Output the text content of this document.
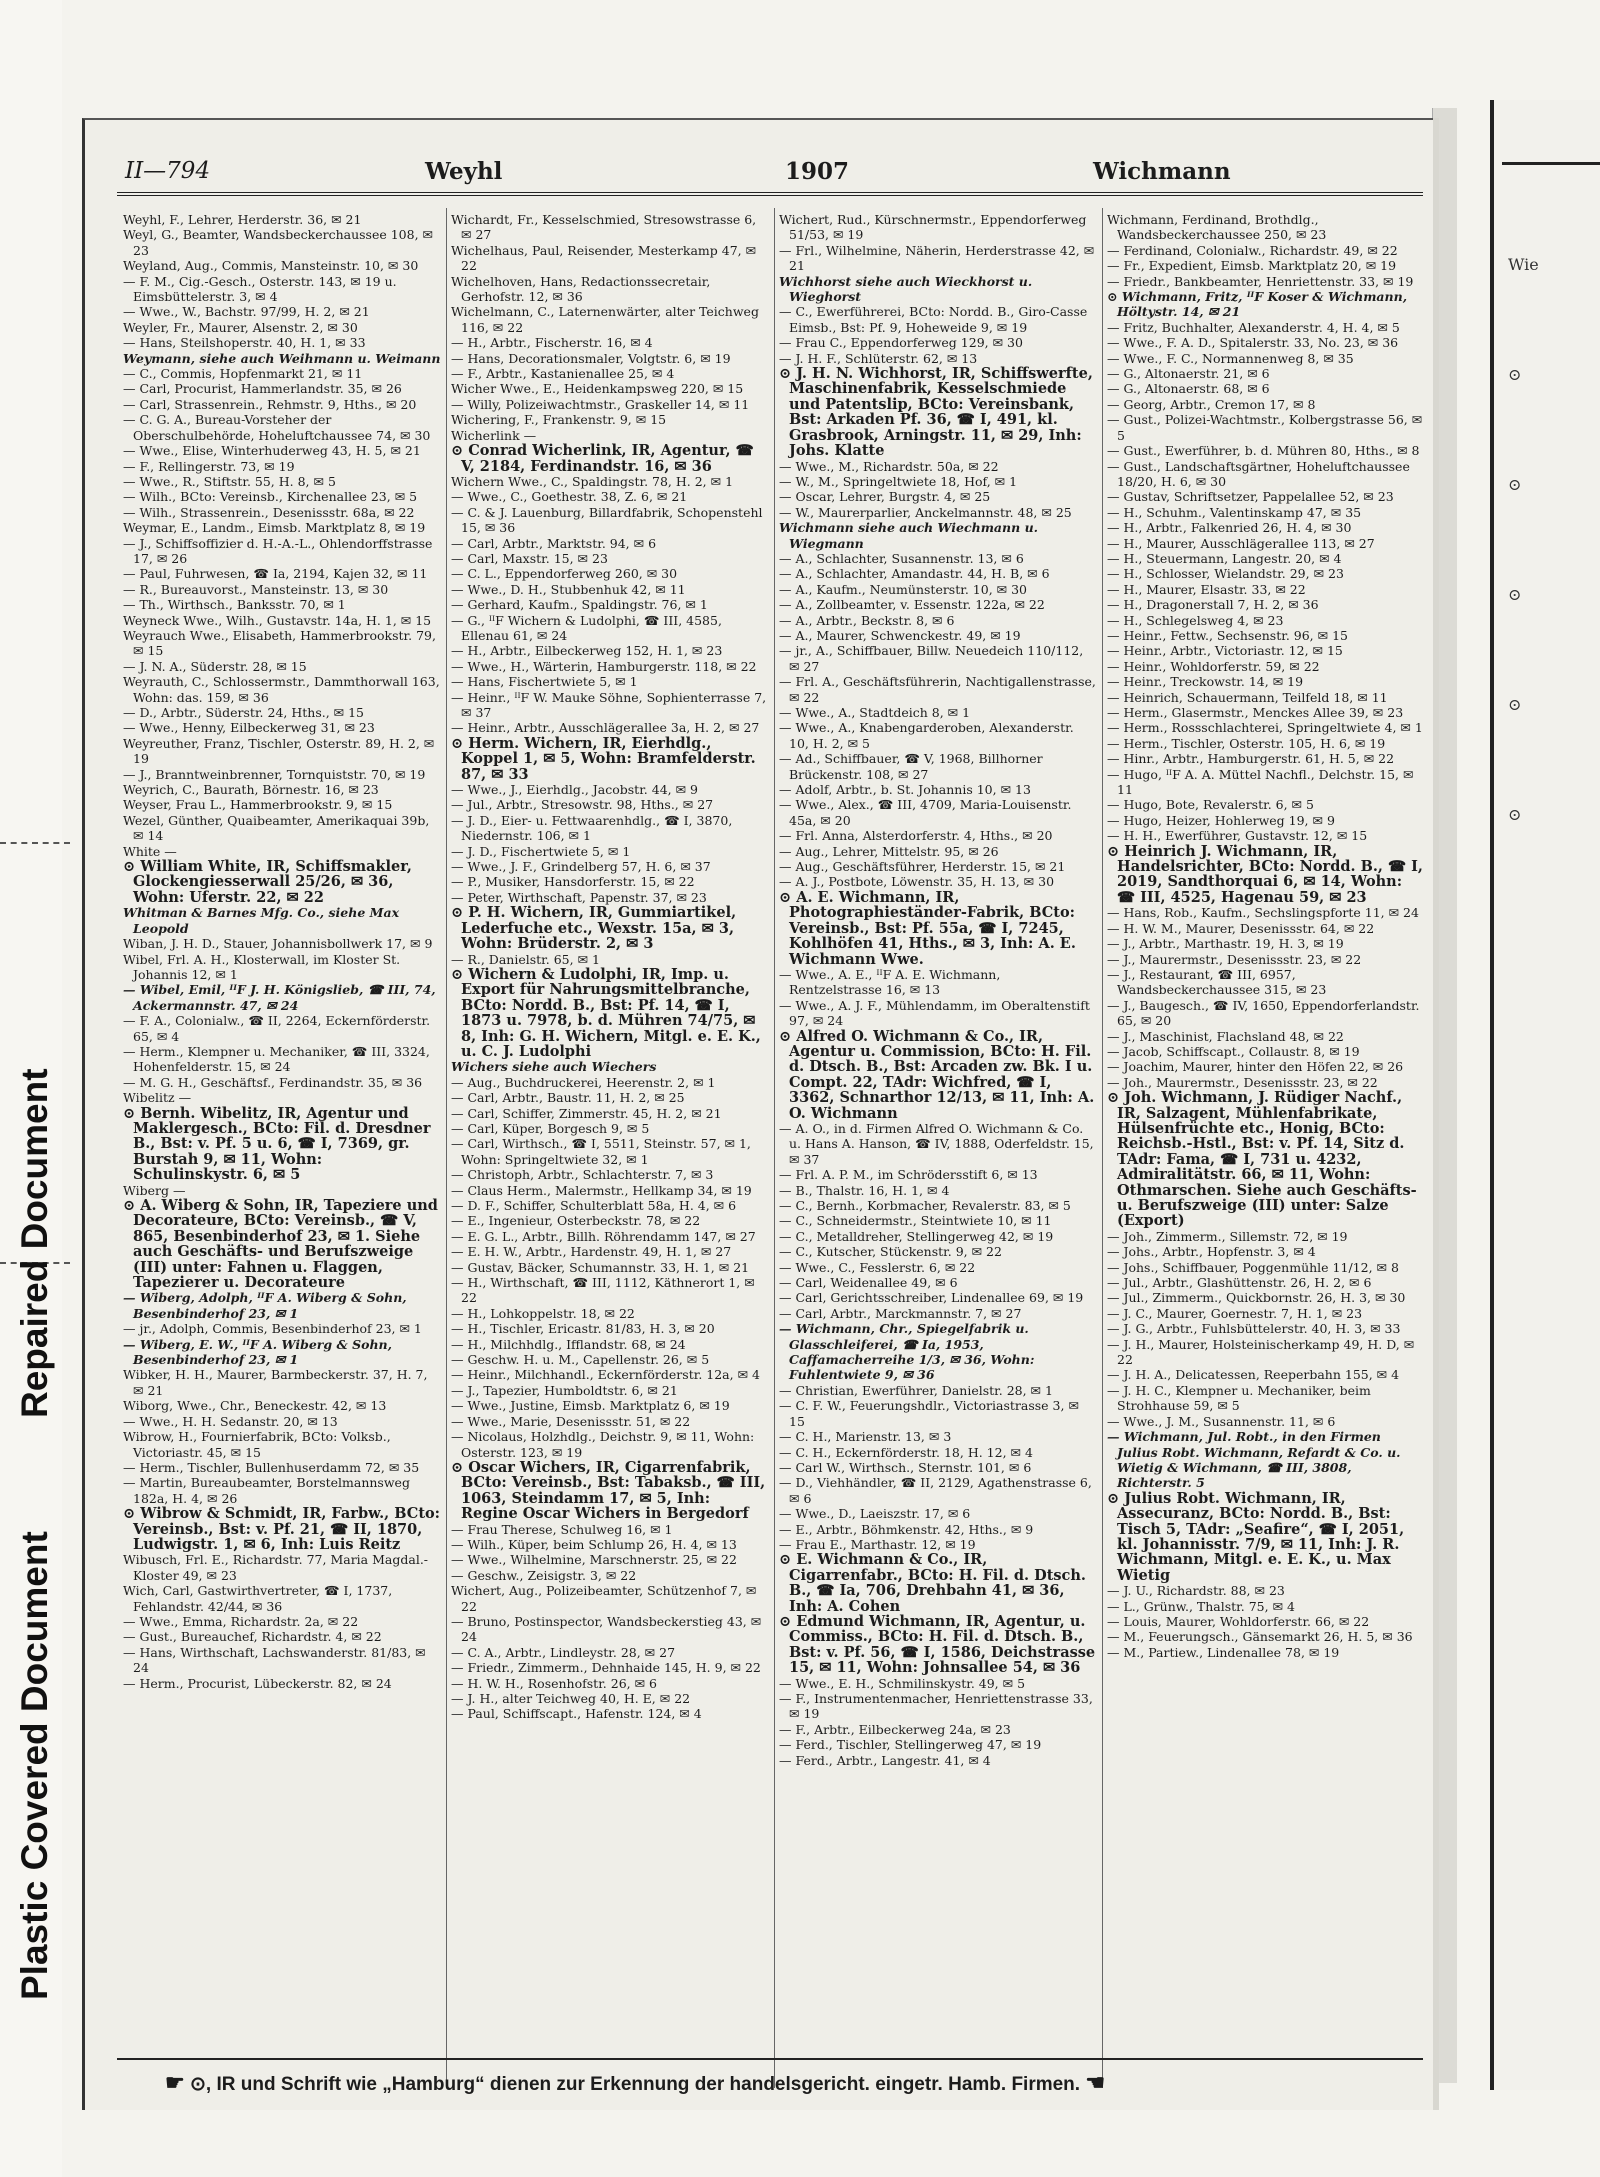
Repaired Document
Plastic Covered Document
Wie
⊙
⊙
⊙
⊙
⊙
II—794	Weyhl	1907	Wichmann

Weyhl, F., Lehrer, Herderstr. 36, ✉ 21

Weyl, G., Beamter, Wandsbeckerchaussee 108, ✉ 23

Weyland, Aug., Commis, Mansteinstr. 10, ✉ 30

— F. M., Cig.-Gesch., Osterstr. 143, ✉ 19 u. Eimsbüttelerstr. 3, ✉ 4

— Wwe., W., Bachstr. 97/99, H. 2, ✉ 21

Weyler, Fr., Maurer, Alsenstr. 2, ✉ 30

— Hans, Steilshoperstr. 40, H. 1, ✉ 33

Weymann, siehe auch Weihmann u. Weimann

— C., Commis, Hopfenmarkt 21, ✉ 11

— Carl, Procurist, Hammerlandstr. 35, ✉ 26

— Carl, Strassenrein., Rehmstr. 9, Hths., ✉ 20

— C. G. A., Bureau-Vorsteher der Oberschulbehörde, Hoheluftchaussee 74, ✉ 30

— Wwe., Elise, Winterhuderweg 43, H. 5, ✉ 21

— F., Rellingerstr. 73, ✉ 19

— Wwe., R., Stiftstr. 55, H. 8, ✉ 5

— Wilh., BCto: Vereinsb., Kirchenallee 23, ✉ 5

— Wilh., Strassenrein., Desenissstr. 68a, ✉ 22

Weymar, E., Landm., Eimsb. Marktplatz 8, ✉ 19

— J., Schiffsoffizier d. H.-A.-L., Ohlendorffstrasse 17, ✉ 26

— Paul, Fuhrwesen, ☎ Ia, 2194, Kajen 32, ✉ 11

— R., Bureauvorst., Mansteinstr. 13, ✉ 30

— Th., Wirthsch., Banksstr. 70, ✉ 1

Weyneck Wwe., Wilh., Gustavstr. 14a, H. 1, ✉ 15

Weyrauch Wwe., Elisabeth, Hammerbrookstr. 79, ✉ 15

— J. N. A., Süderstr. 28, ✉ 15

Weyrauth, C., Schlossermstr., Dammthorwall 163, Wohn: das. 159, ✉ 36

— D., Arbtr., Süderstr. 24, Hths., ✉ 15

— Wwe., Henny, Eilbeckerweg 31, ✉ 23

Weyreuther, Franz, Tischler, Osterstr. 89, H. 2, ✉ 19

— J., Branntweinbrenner, Tornquiststr. 70, ✉ 19

Weyrich, C., Baurath, Börnestr. 16, ✉ 23

Weyser, Frau L., Hammerbrookstr. 9, ✉ 15

Wezel, Günther, Quaibeamter, Amerikaquai 39b, ✉ 14

White —

⊙ William White, IR, Schiffsmakler, Glockengiesserwall 25/26, ✉ 36, Wohn: Uferstr. 22, ✉ 22

Whitman & Barnes Mfg. Co., siehe Max Leopold

Wiban, J. H. D., Stauer, Johannisbollwerk 17, ✉ 9

Wibel, Frl. A. H., Klosterwall, im Kloster St. Johannis 12, ✉ 1

— Wibel, Emil, ᴵᴵF J. H. Königslieb, ☎ III, 74, Ackermannstr. 47, ✉ 24

— F. A., Colonialw., ☎ II, 2264, Eckernförderstr. 65, ✉ 4

— Herm., Klempner u. Mechaniker, ☎ III, 3324, Hohenfelderstr. 15, ✉ 24

— M. G. H., Geschäftsf., Ferdinandstr. 35, ✉ 36

Wibelitz —

⊙ Bernh. Wibelitz, IR, Agentur und Maklergesch., BCto: Fil. d. Dresdner B., Bst: v. Pf. 5 u. 6, ☎ I, 7369, gr. Burstah 9, ✉ 11, Wohn: Schulinskystr. 6, ✉ 5

Wiberg —

⊙ A. Wiberg & Sohn, IR, Tapeziere und Decorateure, BCto: Vereinsb., ☎ V, 865, Besenbinderhof 23, ✉ 1. Siehe auch Geschäfts- und Berufszweige (III) unter: Fahnen u. Flaggen, Tapezierer u. Decorateure

— Wiberg, Adolph, ᴵᴵF A. Wiberg & Sohn, Besenbinderhof 23, ✉ 1

— jr., Adolph, Commis, Besenbinderhof 23, ✉ 1

— Wiberg, E. W., ᴵᴵF A. Wiberg & Sohn, Besenbinderhof 23, ✉ 1

Wibker, H. H., Maurer, Barmbeckerstr. 37, H. 7, ✉ 21

Wiborg, Wwe., Chr., Beneckestr. 42, ✉ 13

— Wwe., H. H. Sedanstr. 20, ✉ 13

Wibrow, H., Fournierfabrik, BCto: Volksb., Victoriastr. 45, ✉ 15

— Herm., Tischler, Bullenhuserdamm 72, ✉ 35

— Martin, Bureaubeamter, Borstelmannsweg 182a, H. 4, ✉ 26

⊙ Wibrow & Schmidt, IR, Farbw., BCto: Vereinsb., Bst: v. Pf. 21, ☎ II, 1870, Ludwigstr. 1, ✉ 6, Inh: Luis Reitz

Wibusch, Frl. E., Richardstr. 77, Maria Magdal.-Kloster 49, ✉ 23

Wich, Carl, Gastwirthvertreter, ☎ I, 1737, Fehlandstr. 42/44, ✉ 36

— Wwe., Emma, Richardstr. 2a, ✉ 22

— Gust., Bureauchef, Richardstr. 4, ✉ 22

— Hans, Wirthschaft, Lachswanderstr. 81/83, ✉ 24

— Herm., Procurist, Lübeckerstr. 82, ✉ 24

Wichardt, Fr., Kesselschmied, Stresowstrasse 6, ✉ 27

Wichelhaus, Paul, Reisender, Mesterkamp 47, ✉ 22

Wichelhoven, Hans, Redactionssecretair, Gerhofstr. 12, ✉ 36

Wichelmann, C., Laternenwärter, alter Teichweg 116, ✉ 22

— H., Arbtr., Fischerstr. 16, ✉ 4

— Hans, Decorationsmaler, Volgtstr. 6, ✉ 19

— F., Arbtr., Kastanienallee 25, ✉ 4

Wicher Wwe., E., Heidenkampsweg 220, ✉ 15

— Willy, Polizeiwachtmstr., Graskeller 14, ✉ 11

Wichering, F., Frankenstr. 9, ✉ 15

Wicherlink —

⊙ Conrad Wicherlink, IR, Agentur, ☎ V, 2184, Ferdinandstr. 16, ✉ 36

Wichern Wwe., C., Spaldingstr. 78, H. 2, ✉ 1

— Wwe., C., Goethestr. 38, Z. 6, ✉ 21

— C. & J. Lauenburg, Billardfabrik, Schopenstehl 15, ✉ 36

— Carl, Arbtr., Marktstr. 94, ✉ 6

— Carl, Maxstr. 15, ✉ 23

— C. L., Eppendorferweg 260, ✉ 30

— Wwe., D. H., Stubbenhuk 42, ✉ 11

— Gerhard, Kaufm., Spaldingstr. 76, ✉ 1

— G., ᴵᴵF Wichern & Ludolphi, ☎ III, 4585, Ellenau 61, ✉ 24

— H., Arbtr., Eilbeckerweg 152, H. 1, ✉ 23

— Wwe., H., Wärterin, Hamburgerstr. 118, ✉ 22

— Hans, Fischertwiete 5, ✉ 1

— Heinr., ᴵᴵF W. Mauke Söhne, Sophienterrasse 7, ✉ 37

— Heinr., Arbtr., Ausschlägerallee 3a, H. 2, ✉ 27

⊙ Herm. Wichern, IR, Eierhdlg., Koppel 1, ✉ 5, Wohn: Bramfelderstr. 87, ✉ 33

— Wwe., J., Eierhdlg., Jacobstr. 44, ✉ 9

— Jul., Arbtr., Stresowstr. 98, Hths., ✉ 27

— J. D., Eier- u. Fettwaarenhdlg., ☎ I, 3870, Niedernstr. 106, ✉ 1

— J. D., Fischertwiete 5, ✉ 1

— Wwe., J. F., Grindelberg 57, H. 6, ✉ 37

— P., Musiker, Hansdorferstr. 15, ✉ 22

— Peter, Wirthschaft, Papenstr. 37, ✉ 23

⊙ P. H. Wichern, IR, Gummiartikel, Lederfuche etc., Wexstr. 15a, ✉ 3, Wohn: Brüderstr. 2, ✉ 3

— R., Danielstr. 65, ✉ 1

⊙ Wichern & Ludolphi, IR, Imp. u. Export für Nahrungsmittelbranche, BCto: Nordd. B., Bst: Pf. 14, ☎ I, 1873 u. 7978, b. d. Mühren 74/75, ✉ 8, Inh: G. H. Wichern, Mitgl. e. E. K., u. C. J. Ludolphi

Wichers siehe auch Wiechers

— Aug., Buchdruckerei, Heerenstr. 2, ✉ 1

— Carl, Arbtr., Baustr. 11, H. 2, ✉ 25

— Carl, Schiffer, Zimmerstr. 45, H. 2, ✉ 21

— Carl, Küper, Borgesch 9, ✉ 5

— Carl, Wirthsch., ☎ I, 5511, Steinstr. 57, ✉ 1, Wohn: Springeltwiete 32, ✉ 1

— Christoph, Arbtr., Schlachterstr. 7, ✉ 3

— Claus Herm., Malermstr., Hellkamp 34, ✉ 19

— D. F., Schiffer, Schulterblatt 58a, H. 4, ✉ 6

— E., Ingenieur, Osterbeckstr. 78, ✉ 22

— E. G. L., Arbtr., Billh. Röhrendamm 147, ✉ 27

— E. H. W., Arbtr., Hardenstr. 49, H. 1, ✉ 27

— Gustav, Bäcker, Schumannstr. 33, H. 1, ✉ 21

— H., Wirthschaft, ☎ III, 1112, Käthnerort 1, ✉ 22

— H., Lohkoppelstr. 18, ✉ 22

— H., Tischler, Ericastr. 81/83, H. 3, ✉ 20

— H., Milchhdlg., Ifflandstr. 68, ✉ 24

— Geschw. H. u. M., Capellenstr. 26, ✉ 5

— Heinr., Milchhandl., Eckernförderstr. 12a, ✉ 4

— J., Tapezier, Humboldtstr. 6, ✉ 21

— Wwe., Justine, Eimsb. Marktplatz 6, ✉ 19

— Wwe., Marie, Desenissstr. 51, ✉ 22

— Nicolaus, Holzhdlg., Deichstr. 9, ✉ 11, Wohn: Osterstr. 123, ✉ 19

⊙ Oscar Wichers, IR, Cigarrenfabrik, BCto: Vereinsb., Bst: Tabaksb., ☎ III, 1063, Steindamm 17, ✉ 5, Inh: Regine Oscar Wichers in Bergedorf

— Frau Therese, Schulweg 16, ✉ 1

— Wilh., Küper, beim Schlump 26, H. 4, ✉ 13

— Wwe., Wilhelmine, Marschnerstr. 25, ✉ 22

— Geschw., Zeisigstr. 3, ✉ 22

Wichert, Aug., Polizeibeamter, Schützenhof 7, ✉ 22

— Bruno, Postinspector, Wandsbeckerstieg 43, ✉ 24

— C. A., Arbtr., Lindleystr. 28, ✉ 27

— Friedr., Zimmerm., Dehnhaide 145, H. 9, ✉ 22

— H. W. H., Rosenhofstr. 26, ✉ 6

— J. H., alter Teichweg 40, H. E, ✉ 22

— Paul, Schiffscapt., Hafenstr. 124, ✉ 4

Wichert, Rud., Kürschnermstr., Eppendorferweg 51/53, ✉ 19

— Frl., Wilhelmine, Näherin, Herderstrasse 42, ✉ 21

Wichhorst siehe auch Wieckhorst u. Wieghorst

— C., Ewerführerei, BCto: Nordd. B., Giro-Casse Eimsb., Bst: Pf. 9, Hoheweide 9, ✉ 19

— Frau C., Eppendorferweg 129, ✉ 30

— J. H. F., Schlüterstr. 62, ✉ 13

⊙ J. H. N. Wichhorst, IR, Schiffswerfte, Maschinenfabrik, Kesselschmiede und Patentslip, BCto: Vereinsbank, Bst: Arkaden Pf. 36, ☎ I, 491, kl. Grasbrook, Arningstr. 11, ✉ 29, Inh: Johs. Klatte

— Wwe., M., Richardstr. 50a, ✉ 22

— W., M., Springeltwiete 18, Hof, ✉ 1

— Oscar, Lehrer, Burgstr. 4, ✉ 25

— W., Maurerparlier, Anckelmannstr. 48, ✉ 25

Wichmann siehe auch Wiechmann u. Wiegmann

— A., Schlachter, Susannenstr. 13, ✉ 6

— A., Schlachter, Amandastr. 44, H. B, ✉ 6

— A., Kaufm., Neumünsterstr. 10, ✉ 30

— A., Zollbeamter, v. Essenstr. 122a, ✉ 22

— A., Arbtr., Beckstr. 8, ✉ 6

— A., Maurer, Schwenckestr. 49, ✉ 19

— jr., A., Schiffbauer, Billw. Neuedeich 110/112, ✉ 27

— Frl. A., Geschäftsführerin, Nachtigallenstrasse, ✉ 22

— Wwe., A., Stadtdeich 8, ✉ 1

— Wwe., A., Knabengarderoben, Alexanderstr. 10, H. 2, ✉ 5

— Ad., Schiffbauer, ☎ V, 1968, Billhorner Brückenstr. 108, ✉ 27

— Adolf, Arbtr., b. St. Johannis 10, ✉ 13

— Wwe., Alex., ☎ III, 4709, Maria-Louisenstr. 45a, ✉ 20

— Frl. Anna, Alsterdorferstr. 4, Hths., ✉ 20

— Aug., Lehrer, Mittelstr. 95, ✉ 26

— Aug., Geschäftsführer, Herderstr. 15, ✉ 21

— A. J., Postbote, Löwenstr. 35, H. 13, ✉ 30

⊙ A. E. Wichmann, IR, Photographieständer-Fabrik, BCto: Vereinsb., Bst: Pf. 55a, ☎ I, 7245, Kohlhöfen 41, Hths., ✉ 3, Inh: A. E. Wichmann Wwe.

— Wwe., A. E., ᴵᴵF A. E. Wichmann, Rentzelstrasse 16, ✉ 13

— Wwe., A. J. F., Mühlendamm, im Oberaltenstift 97, ✉ 24

⊙ Alfred O. Wichmann & Co., IR, Agentur u. Commission, BCto: H. Fil. d. Dtsch. B., Bst: Arcaden zw. Bk. I u. Compt. 22, TAdr: Wichfred, ☎ I, 3362, Schnarthor 12/13, ✉ 11, Inh: A. O. Wichmann

— A. O., in d. Firmen Alfred O. Wichmann & Co. u. Hans A. Hanson, ☎ IV, 1888, Oderfeldstr. 15, ✉ 37

— Frl. A. P. M., im Schrödersstift 6, ✉ 13

— B., Thalstr. 16, H. 1, ✉ 4

— C., Bernh., Korbmacher, Revalerstr. 83, ✉ 5

— C., Schneidermstr., Steintwiete 10, ✉ 11

— C., Metalldreher, Stellingerweg 42, ✉ 19

— C., Kutscher, Stückenstr. 9, ✉ 22

— Wwe., C., Fesslerstr. 6, ✉ 22

— Carl, Weidenallee 49, ✉ 6

— Carl, Gerichtsschreiber, Lindenallee 69, ✉ 19

— Carl, Arbtr., Marckmannstr. 7, ✉ 27

— Wichmann, Chr., Spiegelfabrik u. Glasschleiferei, ☎ Ia, 1953, Caffamacherreihe 1/3, ✉ 36, Wohn: Fuhlentwiete 9, ✉ 36

— Christian, Ewerführer, Danielstr. 28, ✉ 1

— C. F. W., Feuerungshdlr., Victoriastrasse 3, ✉ 15

— C. H., Marienstr. 13, ✉ 3

— C. H., Eckernförderstr. 18, H. 12, ✉ 4

— Carl W., Wirthsch., Sternstr. 101, ✉ 6

— D., Viehhändler, ☎ II, 2129, Agathenstrasse 6, ✉ 6

— Wwe., D., Laeiszstr. 17, ✉ 6

— E., Arbtr., Böhmkenstr. 42, Hths., ✉ 9

— Frau E., Marthastr. 12, ✉ 19

⊙ E. Wichmann & Co., IR, Cigarrenfabr., BCto: H. Fil. d. Dtsch. B., ☎ Ia, 706, Drehbahn 41, ✉ 36, Inh: A. Cohen

⊙ Edmund Wichmann, IR, Agentur, u. Commiss., BCto: H. Fil. d. Dtsch. B., Bst: v. Pf. 56, ☎ I, 1586, Deichstrasse 15, ✉ 11, Wohn: Johnsallee 54, ✉ 36

— Wwe., E. H., Schmilinskystr. 49, ✉ 5

— F., Instrumentenmacher, Henriettenstrasse 33, ✉ 19

— F., Arbtr., Eilbeckerweg 24a, ✉ 23

— Ferd., Tischler, Stellingerweg 47, ✉ 19

— Ferd., Arbtr., Langestr. 41, ✉ 4

Wichmann, Ferdinand, Brothdlg., Wandsbeckerchaussee 250, ✉ 23

— Ferdinand, Colonialw., Richardstr. 49, ✉ 22

— Fr., Expedient, Eimsb. Marktplatz 20, ✉ 19

— Friedr., Bankbeamter, Henriettenstr. 33, ✉ 19

⊙ Wichmann, Fritz, ᴵᴵF Koser & Wichmann, Höltystr. 14, ✉ 21

— Fritz, Buchhalter, Alexanderstr. 4, H. 4, ✉ 5

— Wwe., F. A. D., Spitalerstr. 33, No. 23, ✉ 36

— Wwe., F. C., Normannenweg 8, ✉ 35

— G., Altonaerstr. 21, ✉ 6

— G., Altonaerstr. 68, ✉ 6

— Georg, Arbtr., Cremon 17, ✉ 8

— Gust., Polizei-Wachtmstr., Kolbergstrasse 56, ✉ 5

— Gust., Ewerführer, b. d. Mühren 80, Hths., ✉ 8

— Gust., Landschaftsgärtner, Hoheluftchaussee 18/20, H. 6, ✉ 30

— Gustav, Schriftsetzer, Pappelallee 52, ✉ 23

— H., Schuhm., Valentinskamp 47, ✉ 35

— H., Arbtr., Falkenried 26, H. 4, ✉ 30

— H., Maurer, Ausschlägerallee 113, ✉ 27

— H., Steuermann, Langestr. 20, ✉ 4

— H., Schlosser, Wielandstr. 29, ✉ 23

— H., Maurer, Elsastr. 33, ✉ 22

— H., Dragonerstall 7, H. 2, ✉ 36

— H., Schlegelsweg 4, ✉ 23

— Heinr., Fettw., Sechsenstr. 96, ✉ 15

— Heinr., Arbtr., Victoriastr. 12, ✉ 15

— Heinr., Wohldorferstr. 59, ✉ 22

— Heinr., Treckowstr. 14, ✉ 19

— Heinrich, Schauermann, Teilfeld 18, ✉ 11

— Herm., Glasermstr., Menckes Allee 39, ✉ 23

— Herm., Rossschlachterei, Springeltwiete 4, ✉ 1

— Herm., Tischler, Osterstr. 105, H. 6, ✉ 19

— Hinr., Arbtr., Hamburgerstr. 61, H. 5, ✉ 22

— Hugo, ᴵᴵF A. A. Müttel Nachfl., Delchstr. 15, ✉ 11

— Hugo, Bote, Revalerstr. 6, ✉ 5

— Hugo, Heizer, Hohlerweg 19, ✉ 9

— H. H., Ewerführer, Gustavstr. 12, ✉ 15

⊙ Heinrich J. Wichmann, IR, Handelsrichter, BCto: Nordd. B., ☎ I, 2019, Sandthorquai 6, ✉ 14, Wohn: ☎ III, 4525, Hagenau 59, ✉ 23

— Hans, Rob., Kaufm., Sechslingspforte 11, ✉ 24

— H. W. M., Maurer, Desenissstr. 64, ✉ 22

— J., Arbtr., Marthastr. 19, H. 3, ✉ 19

— J., Maurermstr., Desenissstr. 23, ✉ 22

— J., Restaurant, ☎ III, 6957, Wandsbeckerchaussee 315, ✉ 23

— J., Baugesch., ☎ IV, 1650, Eppendorferlandstr. 65, ✉ 20

— J., Maschinist, Flachsland 48, ✉ 22

— Jacob, Schiffscapt., Collaustr. 8, ✉ 19

— Joachim, Maurer, hinter den Höfen 22, ✉ 26

— Joh., Maurermstr., Desenissstr. 23, ✉ 22

⊙ Joh. Wichmann, J. Rüdiger Nachf., IR, Salzagent, Mühlenfabrikate, Hülsenfrüchte etc., Honig, BCto: Reichsb.-Hstl., Bst: v. Pf. 14, Sitz d. TAdr: Fama, ☎ I, 731 u. 4232, Admiralitätstr. 66, ✉ 11, Wohn: Othmarschen. Siehe auch Geschäfts- u. Berufszweige (III) unter: Salze (Export)

— Joh., Zimmerm., Sillemstr. 72, ✉ 19

— Johs., Arbtr., Hopfenstr. 3, ✉ 4

— Johs., Schiffbauer, Poggenmühle 11/12, ✉ 8

— Jul., Arbtr., Glashüttenstr. 26, H. 2, ✉ 6

— Jul., Zimmerm., Quickbornstr. 26, H. 3, ✉ 30

— J. C., Maurer, Goernestr. 7, H. 1, ✉ 23

— J. G., Arbtr., Fuhlsbüttelerstr. 40, H. 3, ✉ 33

— J. H., Maurer, Holsteinischerkamp 49, H. D, ✉ 22

— J. H. A., Delicatessen, Reeperbahn 155, ✉ 4

— J. H. C., Klempner u. Mechaniker, beim Strohhause 59, ✉ 5

— Wwe., J. M., Susannenstr. 11, ✉ 6

— Wichmann, Jul. Robt., in den Firmen Julius Robt. Wichmann, Refardt & Co. u. Wietig & Wichmann, ☎ III, 3808, Richterstr. 5

⊙ Julius Robt. Wichmann, IR, Assecuranz, BCto: Nordd. B., Bst: Tisch 5, TAdr: „Seafire“, ☎ I, 2051, kl. Johannisstr. 7/9, ✉ 11, Inh: J. R. Wichmann, Mitgl. e. E. K., u. Max Wietig

— J. U., Richardstr. 88, ✉ 23

— L., Grünw., Thalstr. 75, ✉ 4

— Louis, Maurer, Wohldorferstr. 66, ✉ 22

— M., Feuerungsch., Gänsemarkt 26, H. 5, ✉ 36

— M., Partiew., Lindenallee 78, ✉ 19

☛ ⊙, IR und Schrift wie „Hamburg“ dienen zur Erkennung der handelsgericht. eingetr. Hamb. Firmen. ☚
